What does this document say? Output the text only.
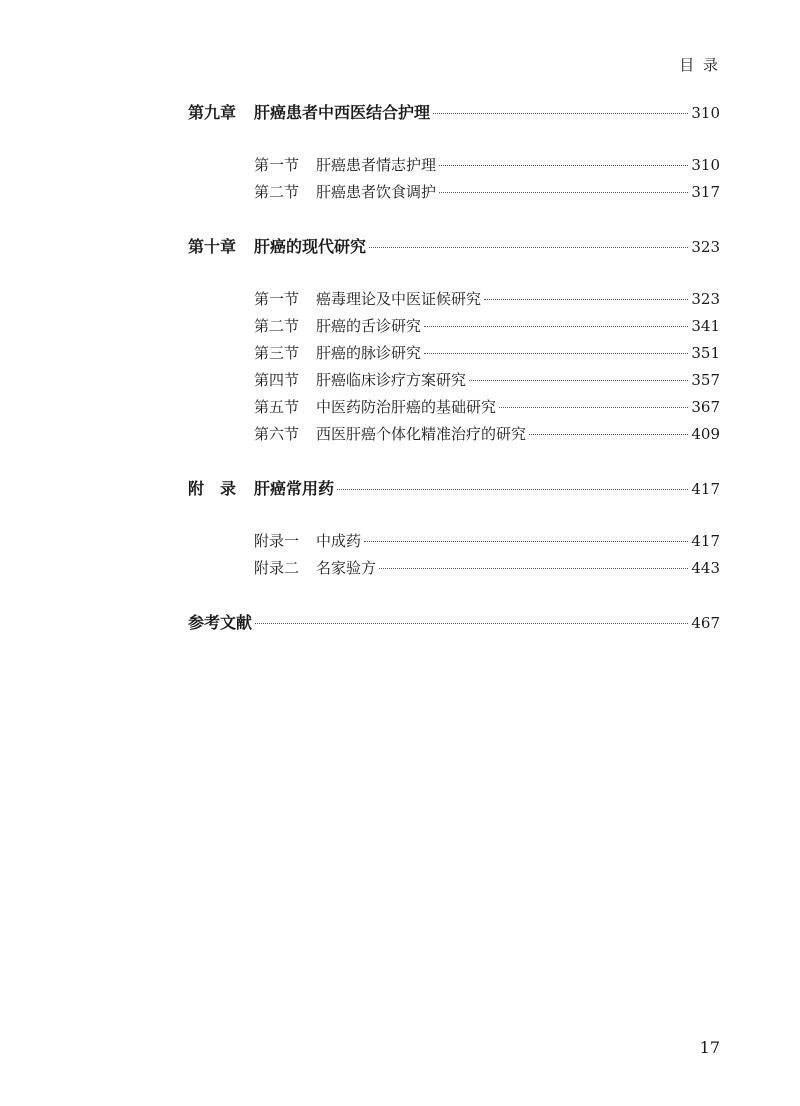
目 录
第九章	肝癌患者中西医结合护理	310
第一节	肝癌患者情志护理	310
第二节	肝癌患者饮食调护	317
第十章	肝癌的现代研究	323
第一节	癌毒理论及中医证候研究	323
第二节	肝癌的舌诊研究	341
第三节	肝癌的脉诊研究	351
第四节	肝癌临床诊疗方案研究	357
第五节	中医药防治肝癌的基础研究	367
第六节	西医肝癌个体化精准治疗的研究	409
附　录	肝癌常用药	417
附录一	中成药	417
附录二	名家验方	443
参考文献	467
17
